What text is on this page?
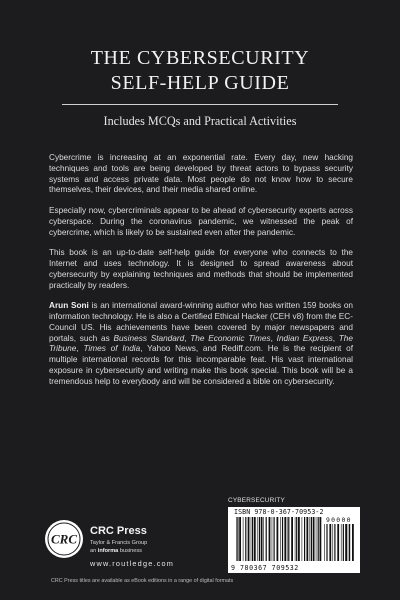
THE CYBERSECURITY
SELF-HELP GUIDE
Includes MCQs and Practical Activities

Cybercrime is increasing at an exponential rate. Every day, new hacking techniques and tools are being developed by threat actors to bypass security systems and access private data. Most people do not know how to secure themselves, their devices, and their media shared online.

Especially now, cybercriminals appear to be ahead of cybersecurity experts across cyberspace. During the coronavirus pandemic, we witnessed the peak of cybercrime, which is likely to be sustained even after the pandemic.

This book is an up-to-date self-help guide for everyone who connects to the Internet and uses technology. It is designed to spread awareness about cybersecurity by explaining techniques and methods that should be implemented practically by readers.

Arun Soni is an international award-winning author who has written 159 books on information technology. He is also a Certified Ethical Hacker (CEH v8) from the EC-Council US. His achievements have been covered by major newspapers and portals, such as Business Standard, The Economic Times, Indian Express, The Tribune, Times of India, Yahoo News, and Rediff.com. He is the recipient of multiple international records for this incomparable feat. His vast international exposure in cybersecurity and writing make this book special. This book will be a tremendous help to everybody and will be considered a bible on cybersecurity.

CRC
CRC Press
Taylor & Francis Group
an informa business
www.routledge.com
CYBERSECURITY
ISBN 978-0-367-70953-2
90000
9 780367 709532
CRC Press titles are available as eBook editions in a range of digital formats
